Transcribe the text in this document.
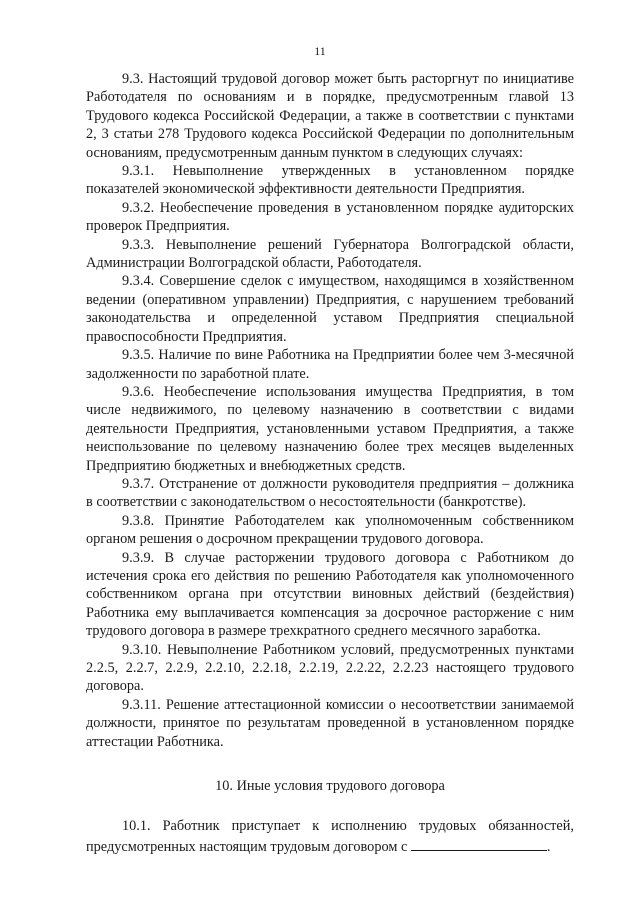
11

9.3. Настоящий трудовой договор может быть расторгнут по инициативе Работодателя по основаниям и в порядке, предусмотренным главой 13 Трудового кодекса Российской Федерации, а также в соответствии с пунктами 2, 3 статьи 278 Трудового кодекса Российской Федерации по дополнительным основаниям, предусмотренным данным пунктом в следующих случаях:

9.3.1. Невыполнение утвержденных в установленном порядке показателей экономической эффективности деятельности Предприятия.

9.3.2. Необеспечение проведения в установленном порядке аудиторских проверок Предприятия.

9.3.3. Невыполнение решений Губернатора Волгоградской области, Администрации Волгоградской области, Работодателя.

9.3.4. Совершение сделок с имуществом, находящимся в хозяйственном ведении (оперативном управлении) Предприятия, с нарушением требований законодательства и определенной уставом Предприятия специальной правоспособности Предприятия.

9.3.5. Наличие по вине Работника на Предприятии более чем 3-месячной задолженности по заработной плате.

9.3.6. Необеспечение использования имущества Предприятия, в том числе недвижимого, по целевому назначению в соответствии с видами деятельности Предприятия, установленными уставом Предприятия, а также неиспользование по целевому назначению более трех месяцев выделенных Предприятию бюджетных и внебюджетных средств.

9.3.7. Отстранение от должности руководителя предприятия – должника в соответствии с законодательством о несостоятельности (банкротстве).

9.3.8. Принятие Работодателем как уполномоченным собственником органом решения о досрочном прекращении трудового договора.

9.3.9. В случае расторжении трудового договора с Работником до истечения срока его действия по решению Работодателя как уполномоченного собственником органа при отсутствии виновных действий (бездействия) Работника ему выплачивается компенсация за досрочное расторжение с ним трудового договора в размере трехкратного среднего месячного заработка.

9.3.10. Невыполнение Работником условий, предусмотренных пунктами 2.2.5, 2.2.7, 2.2.9, 2.2.10, 2.2.18, 2.2.19, 2.2.22, 2.2.23 настоящего трудового договора.

9.3.11. Решение аттестационной комиссии о несоответствии занимаемой должности, принятое по результатам проведенной в установленном порядке аттестации Работника.

10. Иные условия трудового договора

10.1. Работник приступает к исполнению трудовых обязанностей, предусмотренных настоящим трудовым договором с	.
